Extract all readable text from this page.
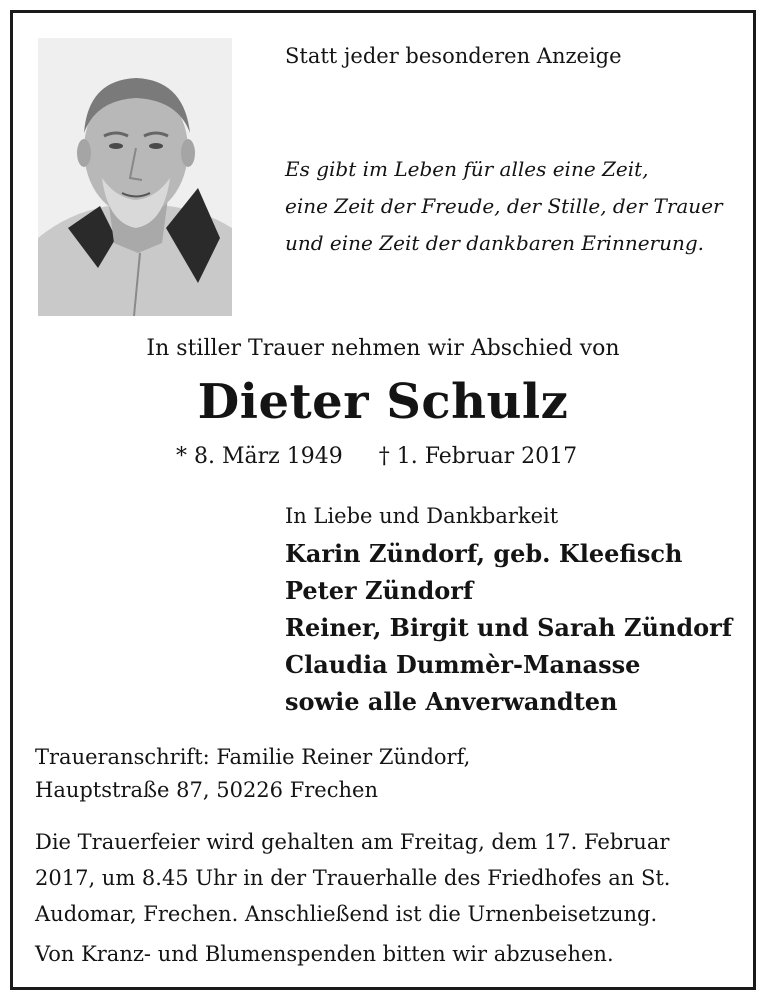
Statt jeder besonderen Anzeige
Es gibt im Leben für alles eine Zeit,
eine Zeit der Freude, der Stille, der Trauer
und eine Zeit der dankbaren Erinnerung.
In stiller Trauer nehmen wir Abschied von
Dieter Schulz
* 8. März 1949 † 1. Februar 2017
In Liebe und Dankbarkeit
Karin Zündorf, geb. Kleefisch
Peter Zündorf
Reiner, Birgit und Sarah Zündorf
Claudia Dummèr-Manasse
sowie alle Anverwandten
Traueranschrift: Familie Reiner Zündorf,
Hauptstraße 87, 50226 Frechen
Die Trauerfeier wird gehalten am Freitag, dem 17. Februar
2017, um 8.45 Uhr in der Trauerhalle des Friedhofes an St.
Audomar, Frechen. Anschließend ist die Urnenbeisetzung.
Von Kranz- und Blumenspenden bitten wir abzusehen.
